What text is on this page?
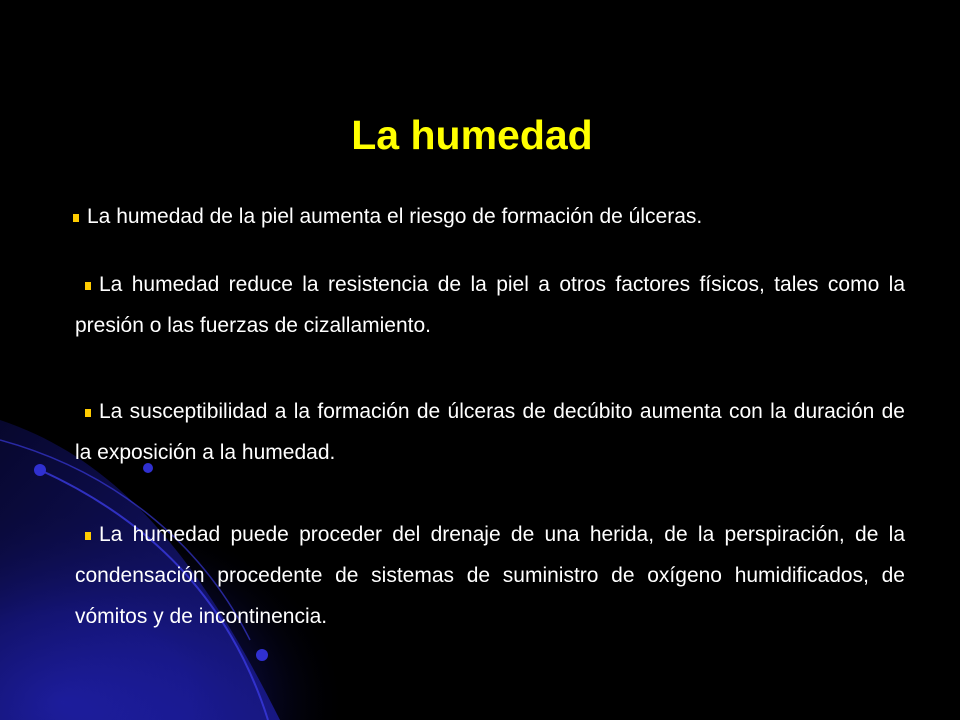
La humedad
La humedad de la piel aumenta el riesgo de formación de úlceras.
La humedad reduce la resistencia de la piel a otros factores físicos, tales como la presión o las fuerzas de cizallamiento.
La susceptibilidad a la formación de úlceras de decúbito aumenta con la duración de la exposición a la humedad.
La humedad puede proceder del drenaje de una herida, de la perspiración, de la condensación procedente de sistemas de suministro de oxígeno humidificados, de vómitos y de incontinencia.
